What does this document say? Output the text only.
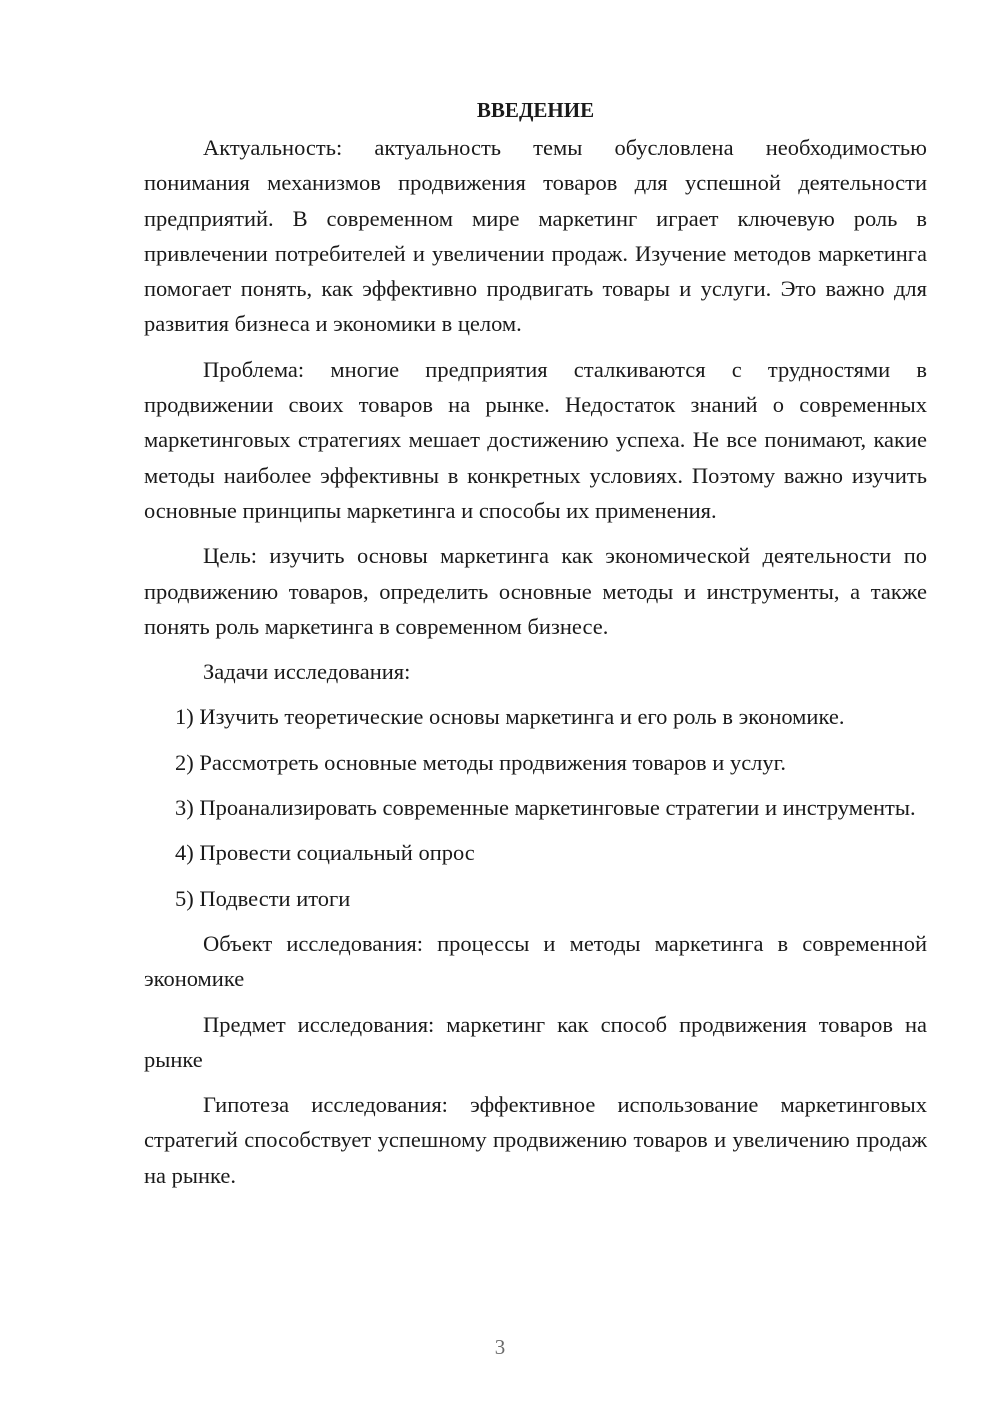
ВВЕДЕНИЕ

Актуальность: актуальность темы обусловлена необходимостью понимания механизмов продвижения товаров для успешной деятельности предприятий. В современном мире маркетинг играет ключевую роль в привлечении потребителей и увеличении продаж. Изучение методов маркетинга помогает понять, как эффективно продвигать товары и услуги. Это важно для развития бизнеса и экономики в целом.

Проблема: многие предприятия сталкиваются с трудностями в продвижении своих товаров на рынке. Недостаток знаний о современных маркетинговых стратегиях мешает достижению успеха. Не все понимают, какие методы наиболее эффективны в конкретных условиях. Поэтому важно изучить основные принципы маркетинга и способы их применения.

Цель: изучить основы маркетинга как экономической деятельности по продвижению товаров, определить основные методы и инструменты, а также понять роль маркетинга в современном бизнесе.

Задачи исследования:

1) Изучить теоретические основы маркетинга и его роль в экономике.

2) Рассмотреть основные методы продвижения товаров и услуг.

3) Проанализировать современные маркетинговые стратегии и инструменты.

4) Провести социальный опрос

5) Подвести итоги

Объект исследования: процессы и методы маркетинга в современной экономике

Предмет исследования: маркетинг как способ продвижения товаров на рынке

Гипотеза исследования: эффективное использование маркетинговых стратегий способствует успешному продвижению товаров и увеличению продаж на рынке.

3
